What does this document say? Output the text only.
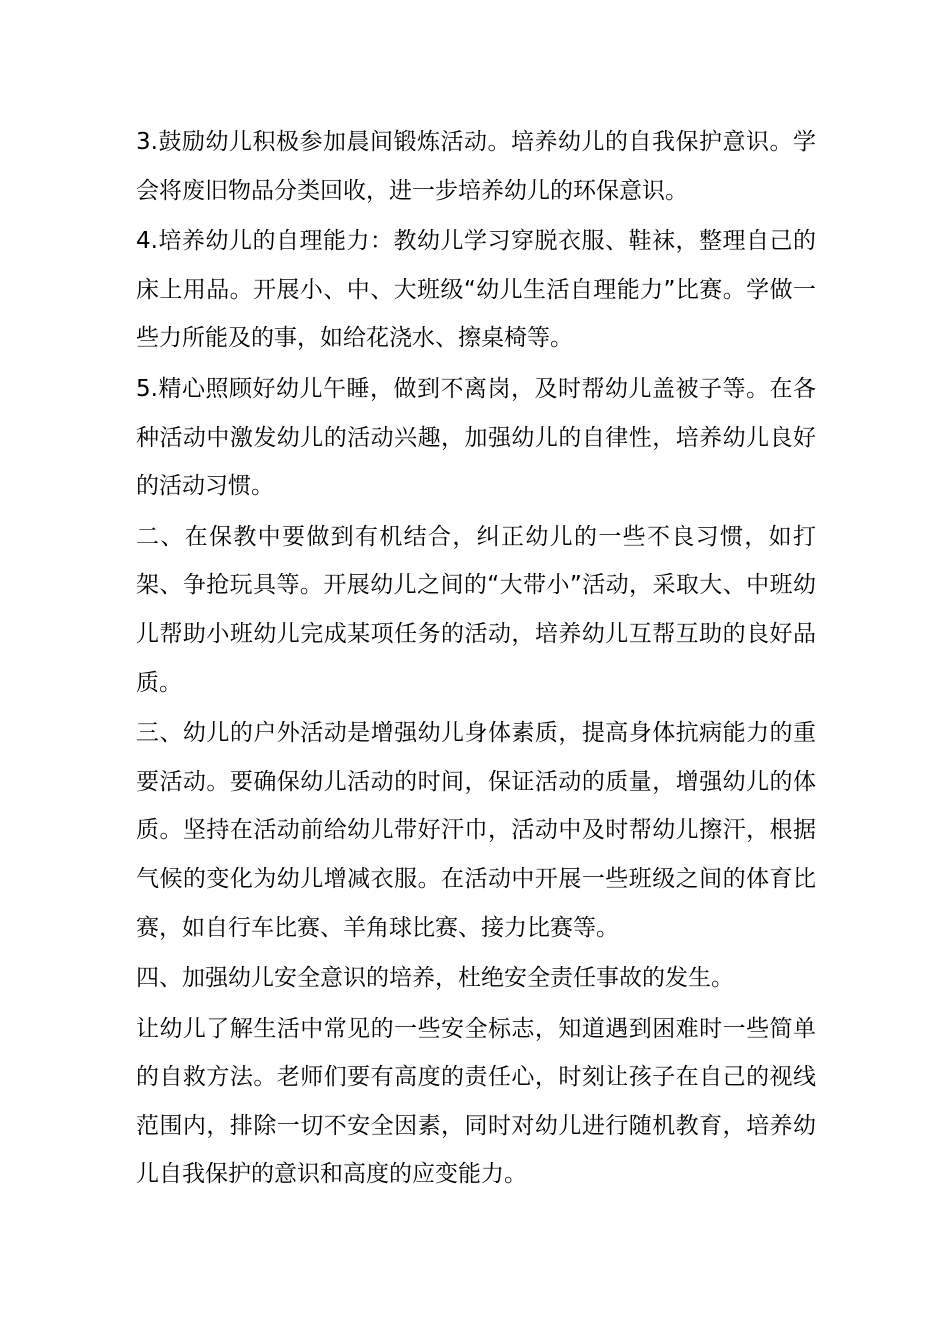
3.鼓励幼儿积极参加晨间锻炼活动。培养幼儿的自我保护意识。学会将废旧物品分类回收，进一步培养幼儿的环保意识。

4.培养幼儿的自理能力：教幼儿学习穿脱衣服、鞋袜，整理自己的床上用品。开展小、中、大班级“幼儿生活自理能力”比赛。学做一些力所能及的事，如给花浇水、擦桌椅等。

5.精心照顾好幼儿午睡，做到不离岗，及时帮幼儿盖被子等。在各种活动中激发幼儿的活动兴趣，加强幼儿的自律性，培养幼儿良好的活动习惯。

二、在保教中要做到有机结合，纠正幼儿的一些不良习惯，如打架、争抢玩具等。开展幼儿之间的“大带小”活动，采取大、中班幼儿帮助小班幼儿完成某项任务的活动，培养幼儿互帮互助的良好品质。

三、幼儿的户外活动是增强幼儿身体素质，提高身体抗病能力的重要活动。要确保幼儿活动的时间，保证活动的质量，增强幼儿的体质。坚持在活动前给幼儿带好汗巾，活动中及时帮幼儿擦汗，根据气候的变化为幼儿增减衣服。在活动中开展一些班级之间的体育比赛，如自行车比赛、羊角球比赛、接力比赛等。

四、加强幼儿安全意识的培养，杜绝安全责任事故的发生。

让幼儿了解生活中常见的一些安全标志，知道遇到困难时一些简单的自救方法。老师们要有高度的责任心，时刻让孩子在自己的视线范围内，排除一切不安全因素，同时对幼儿进行随机教育，培养幼儿自我保护的意识和高度的应变能力。
